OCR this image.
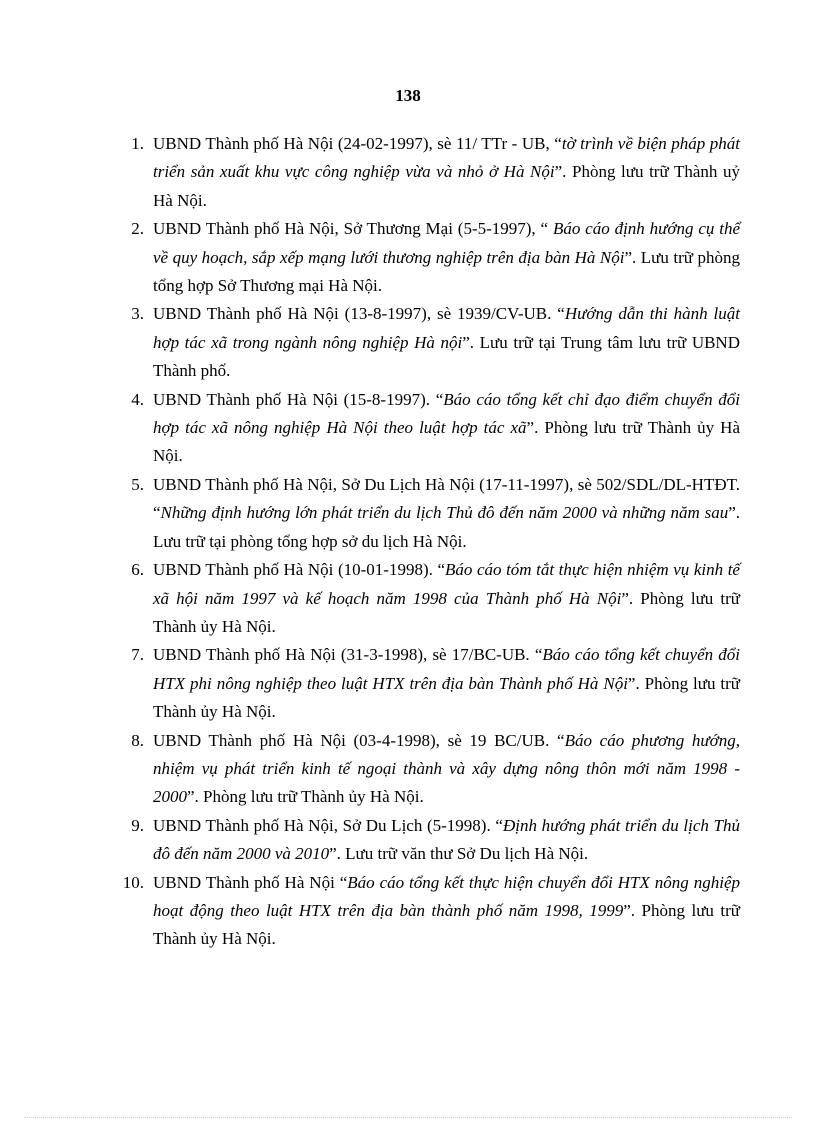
138
1. UBND Thành phố Hà Nội (24-02-1997), sè 11/ TTr - UB, “tờ trình về biện pháp phát triển sản xuất khu vực công nghiệp vừa và nhỏ ở Hà Nội”. Phòng lưu trữ Thành uỷ Hà Nội.
2. UBND Thành phố Hà Nội, Sở Thương Mại (5-5-1997), “ Báo cáo định hướng cụ thể về quy hoạch, sắp xếp mạng lưới thương nghiệp trên địa bàn Hà Nội”. Lưu trữ phòng tổng hợp Sở Thương mại Hà Nội.
3. UBND Thành phố Hà Nội (13-8-1997), sè 1939/CV-UB. “Hướng dẫn thi hành luật hợp tác xã trong ngành nông nghiệp Hà nội”. Lưu trữ tại Trung tâm lưu trữ UBND Thành phố.
4. UBND Thành phố Hà Nội (15-8-1997). “Báo cáo tổng kết chỉ đạo điểm chuyển đổi hợp tác xã nông nghiệp Hà Nội theo luật hợp tác xã”. Phòng lưu trữ Thành ủy Hà Nội.
5. UBND Thành phố Hà Nội, Sở Du Lịch Hà Nội (17-11-1997), sè 502/SDL/DL-HTĐT. “Những định hướng lớn phát triển du lịch Thủ đô đến năm 2000 và những năm sau”. Lưu trữ tại phòng tổng hợp sở du lịch Hà Nội.
6. UBND Thành phố Hà Nội (10-01-1998). “Báo cáo tóm tắt thực hiện nhiệm vụ kinh tế xã hội năm 1997 và kế hoạch năm 1998 của Thành phố Hà Nội”. Phòng lưu trữ Thành ủy Hà Nội.
7. UBND Thành phố Hà Nội (31-3-1998), sè 17/BC-UB. “Báo cáo tổng kết chuyển đổi HTX phi nông nghiệp theo luật HTX trên địa bàn Thành phố Hà Nội”. Phòng lưu trữ Thành ủy Hà Nội.
8. UBND Thành phố Hà Nội (03-4-1998), sè 19 BC/UB. “Báo cáo phương hướng, nhiệm vụ phát triển kinh tế ngoại thành và xây dựng nông thôn mới năm 1998 - 2000”. Phòng lưu trữ Thành ủy Hà Nội.
9. UBND Thành phố Hà Nội, Sở Du Lịch (5-1998). “Định hướng phát triển du lịch Thủ đô đến năm 2000 và 2010”. Lưu trữ văn thư Sở Du lịch Hà Nội.
10. UBND Thành phố Hà Nội “Báo cáo tổng kết thực hiện chuyển đổi HTX nông nghiệp hoạt động theo luật HTX trên địa bàn thành phố năm 1998, 1999”. Phòng lưu trữ Thành ủy Hà Nội.
